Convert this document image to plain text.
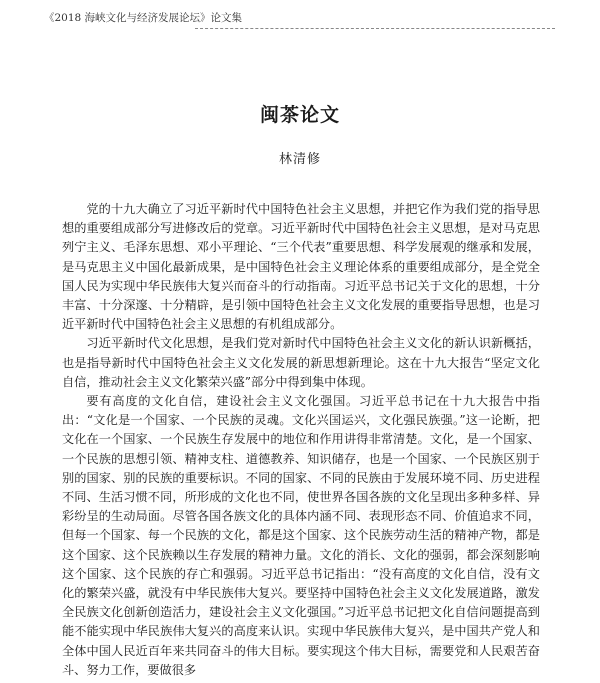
《2018 海峡文化与经济发展论坛》论文集
闽茶论文
林清修

党的十九大确立了习近平新时代中国特色社会主义思想，并把它作为我们党的指导思想的重要组成部分写进修改后的党章。习近平新时代中国特色社会主义思想，是对马克思列宁主义、毛泽东思想、邓小平理论、“三个代表”重要思想、科学发展观的继承和发展，是马克思主义中国化最新成果，是中国特色社会主义理论体系的重要组成部分，是全党全国人民为实现中华民族伟大复兴而奋斗的行动指南。习近平总书记关于文化的思想，十分丰富、十分深邃、十分精辟，是引领中国特色社会主义文化发展的重要指导思想，也是习近平新时代中国特色社会主义思想的有机组成部分。

习近平新时代文化思想，是我们党对新时代中国特色社会主义文化的新认识新概括，也是指导新时代中国特色社会主义文化发展的新思想新理论。这在十九大报告“坚定文化自信，推动社会主义文化繁荣兴盛”部分中得到集中体现。

要有高度的文化自信，建设社会主义文化强国。习近平总书记在十九大报告中指出：“文化是一个国家、一个民族的灵魂。文化兴国运兴，文化强民族强。”这一论断，把文化在一个国家、一个民族生存发展中的地位和作用讲得非常清楚。文化，是一个国家、一个民族的思想引领、精神支柱、道德教养、知识储存，也是一个国家、一个民族区别于别的国家、别的民族的重要标识。不同的国家、不同的民族由于发展环境不同、历史进程不同、生活习惯不同，所形成的文化也不同，使世界各国各族的文化呈现出多种多样、异彩纷呈的生动局面。尽管各国各族文化的具体内涵不同、表现形态不同、价值追求不同，但每一个国家、每一个民族的文化，都是这个国家、这个民族劳动生活的精神产物，都是这个国家、这个民族赖以生存发展的精神力量。文化的消长、文化的强弱，都会深刻影响这个国家、这个民族的存亡和强弱。习近平总书记指出：“没有高度的文化自信，没有文化的繁荣兴盛，就没有中华民族伟大复兴。要坚持中国特色社会主义文化发展道路，激发全民族文化创新创造活力，建设社会主义文化强国。”习近平总书记把文化自信问题提高到能不能实现中华民族伟大复兴的高度来认识。实现中华民族伟大复兴，是中国共产党人和全体中国人民近百年来共同奋斗的伟大目标。要实现这个伟大目标，需要党和人民艰苦奋斗、努力工作，要做很多
